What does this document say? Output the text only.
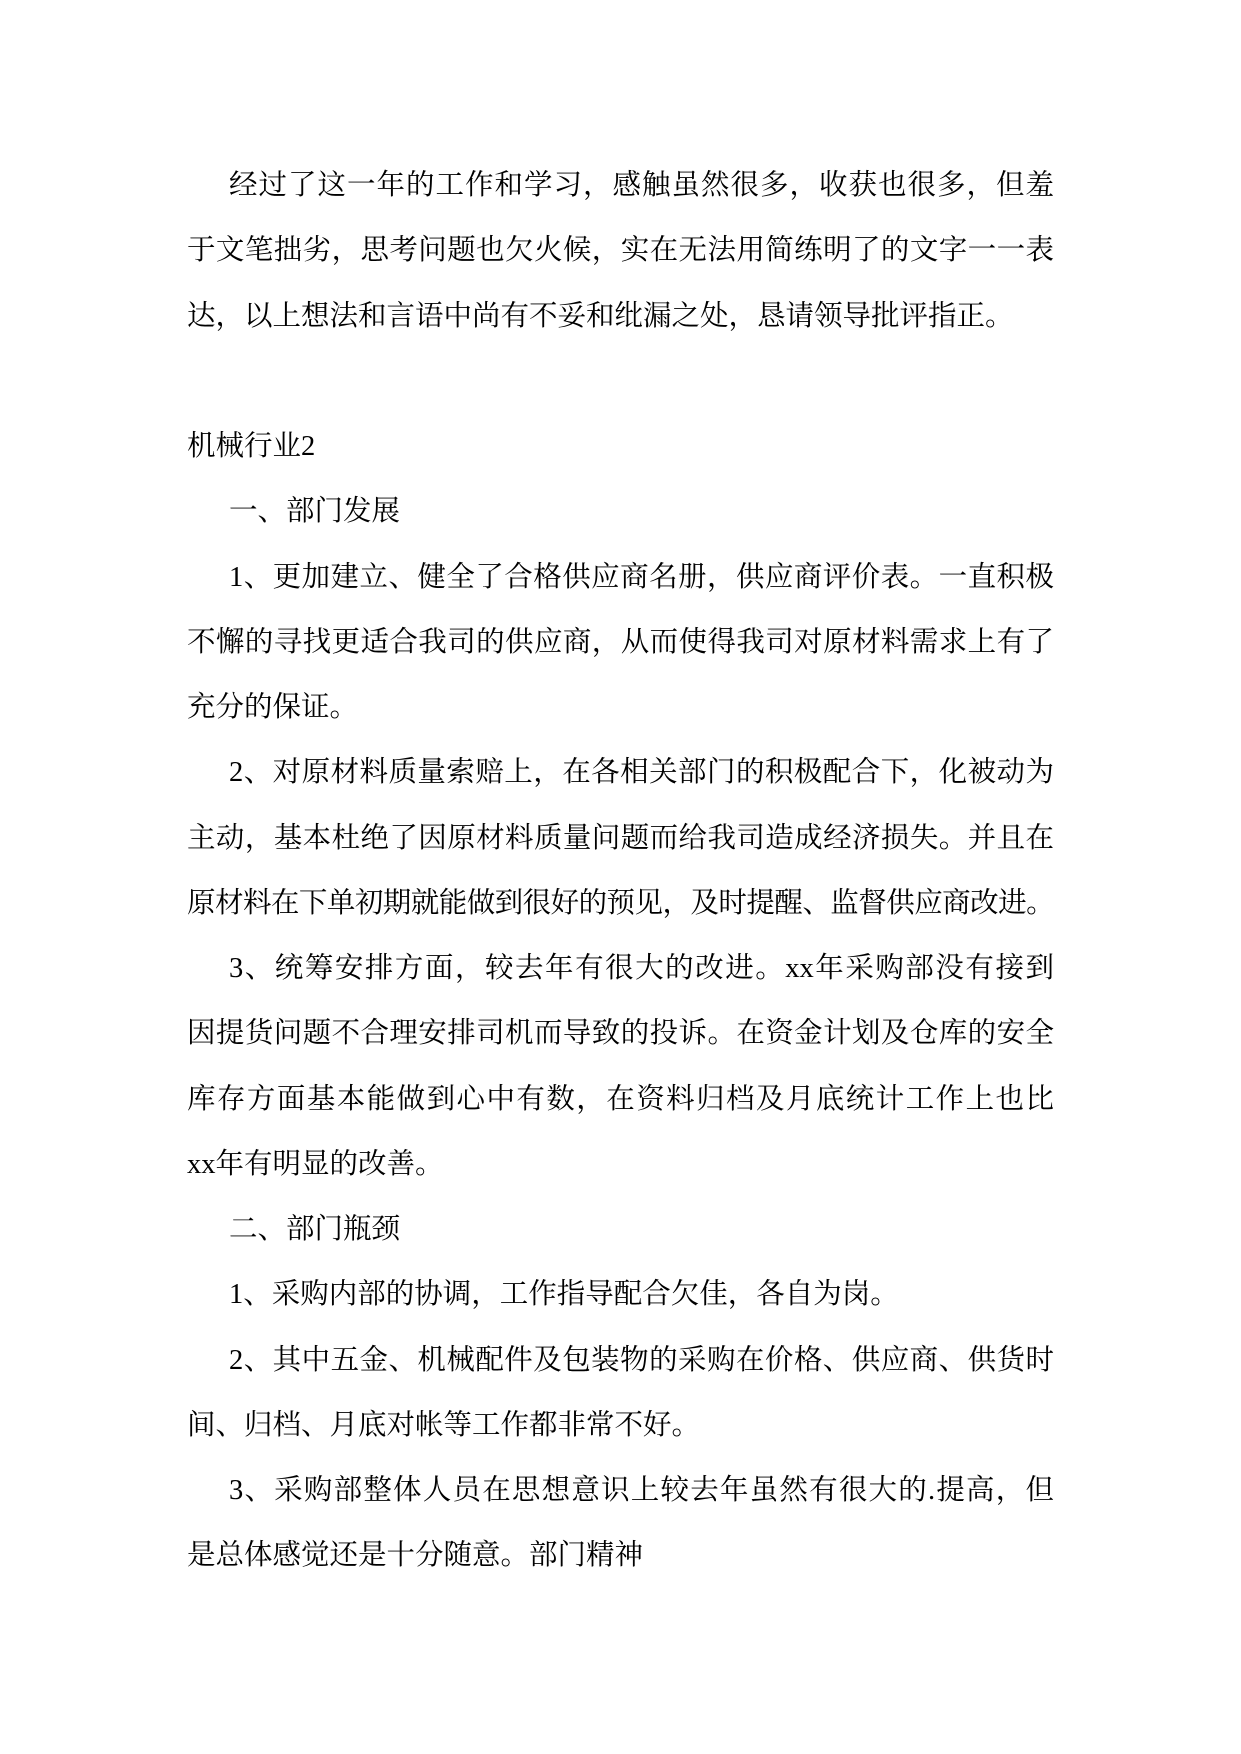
经过了这一年的工作和学习，感触虽然很多，收获也很多，但羞
于文笔拙劣，思考问题也欠火候，实在无法用简练明了的文字一一表
达，以上想法和言语中尚有不妥和纰漏之处，恳请领导批评指正。
机械行业2
一、部门发展
1、更加建立、健全了合格供应商名册，供应商评价表。一直积极
不懈的寻找更适合我司的供应商，从而使得我司对原材料需求上有了
充分的保证。
2、对原材料质量索赔上，在各相关部门的积极配合下，化被动为
主动，基本杜绝了因原材料质量问题而给我司造成经济损失。并且在
原材料在下单初期就能做到很好的预见，及时提醒、监督供应商改进。
3、统筹安排方面，较去年有很大的改进。xx年采购部没有接到
因提货问题不合理安排司机而导致的投诉。在资金计划及仓库的安全
库存方面基本能做到心中有数，在资料归档及月底统计工作上也比
xx年有明显的改善。
二、部门瓶颈
1、采购内部的协调，工作指导配合欠佳，各自为岗。
2、其中五金、机械配件及包装物的采购在价格、供应商、供货时
间、归档、月底对帐等工作都非常不好。
3、采购部整体人员在思想意识上较去年虽然有很大的.提高，但
是总体感觉还是十分随意。部门精神
